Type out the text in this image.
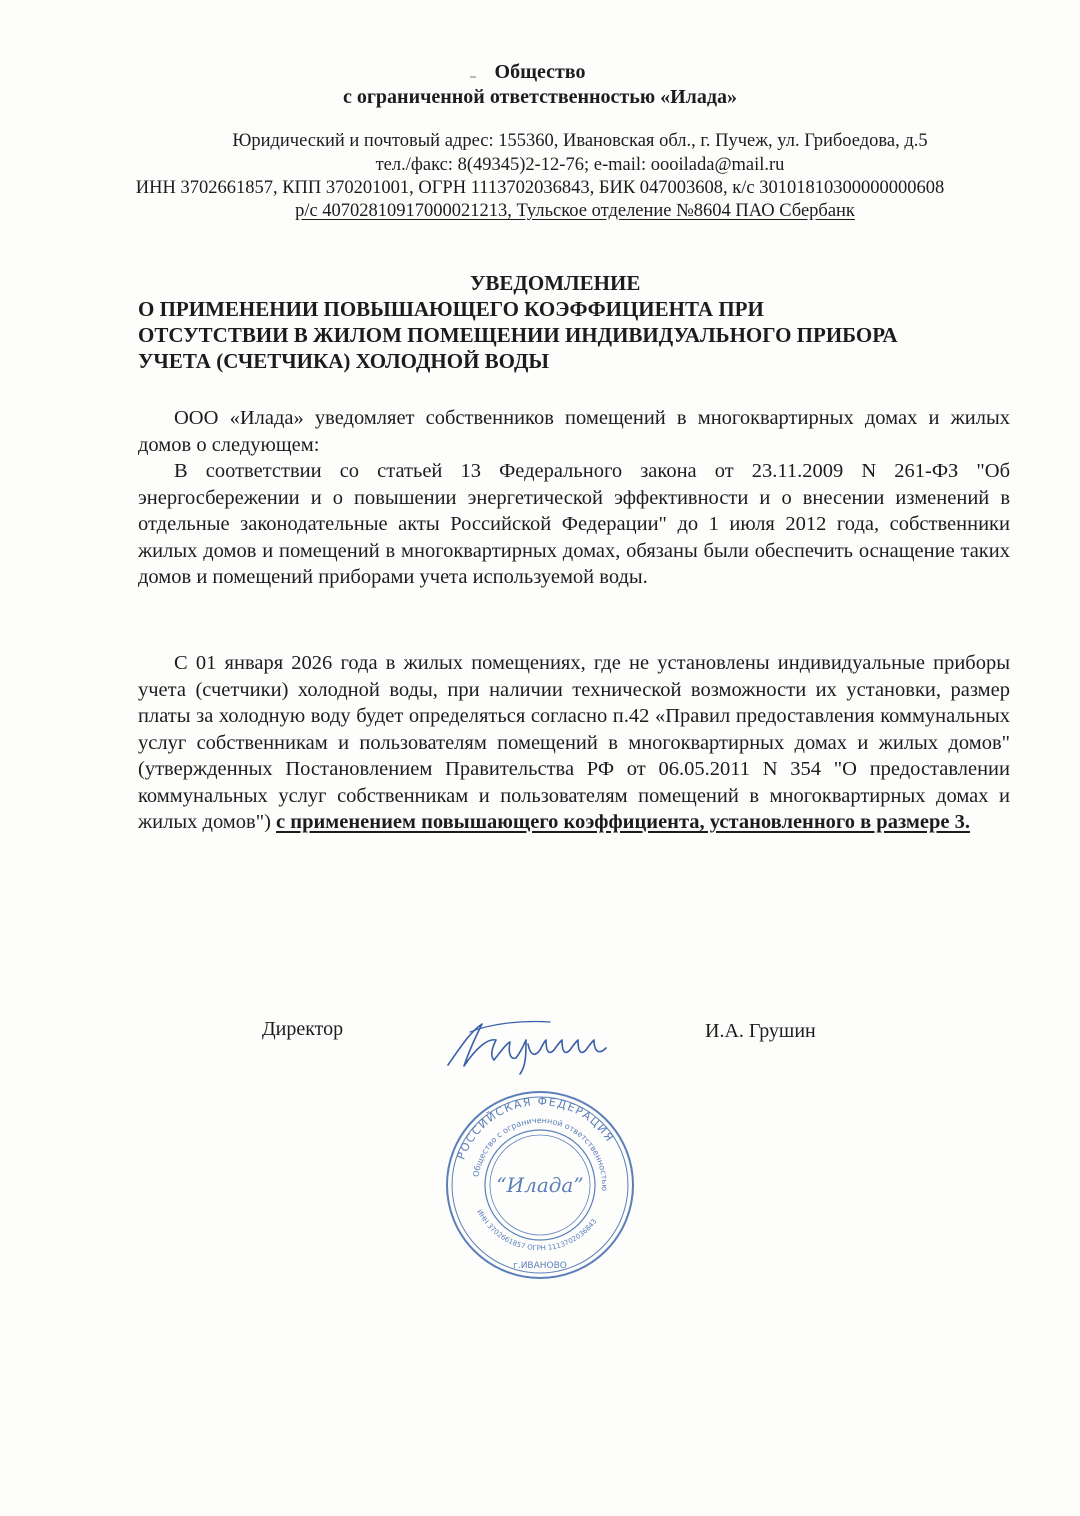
Общество
с ограниченной ответственностью «Илада»
Юридический и почтовый адрес: 155360, Ивановская обл., г. Пучеж, ул. Грибоедова, д.5
тел./факс: 8(49345)2-12-76; e-mail: oooilada@mail.ru
ИНН 3702661857, КПП 370201001, ОГРН 1113702036843, БИК 047003608, к/с 30101810300000000608
р/с 40702810917000021213, Тульское отделение №8604 ПАО Сбербанк
УВЕДОМЛЕНИЕ
О ПРИМЕНЕНИИ ПОВЫШАЮЩЕГО КОЭФФИЦИЕНТА ПРИ
ОТСУТСТВИИ В ЖИЛОМ ПОМЕЩЕНИИ ИНДИВИДУАЛЬНОГО ПРИБОРА
УЧЕТА (СЧЕТЧИКА) ХОЛОДНОЙ ВОДЫ

ООО «Илада» уведомляет собственников помещений в многоквартирных домах и жилых домов о следующем:

В соответствии со статьей 13 Федерального закона от 23.11.2009 N 261-ФЗ "Об энергосбережении и о повышении энергетической эффективности и о внесении изменений в отдельные законодательные акты Российской Федерации" до 1 июля 2012 года, собственники жилых домов и помещений в многоквартирных домах, обязаны были обеспечить оснащение таких домов и помещений приборами учета используемой воды.

С 01 января 2026 года в жилых помещениях, где не установлены индивидуальные приборы учета (счетчики) холодной воды, при наличии технической возможности их установки, размер платы за холодную воду будет определяться согласно п.42 «Правил предоставления коммунальных услуг собственникам и пользователям помещений в многоквартирных домах и жилых домов" (утвержденных Постановлением Правительства РФ от 06.05.2011 N 354 "О предоставлении коммунальных услуг собственникам и пользователям помещений в многоквартирных домах и жилых домов") с применением повышающего коэффициента, установленного в размере 3.

Директор	И.А. Грушин
РОССИЙСКАЯ ФЕДЕРАЦИЯ
Общество с ограниченной ответственностью
ИНН 3702661857 ОГРН 1113702036843
“Илада”
г.ИВАНОВО
